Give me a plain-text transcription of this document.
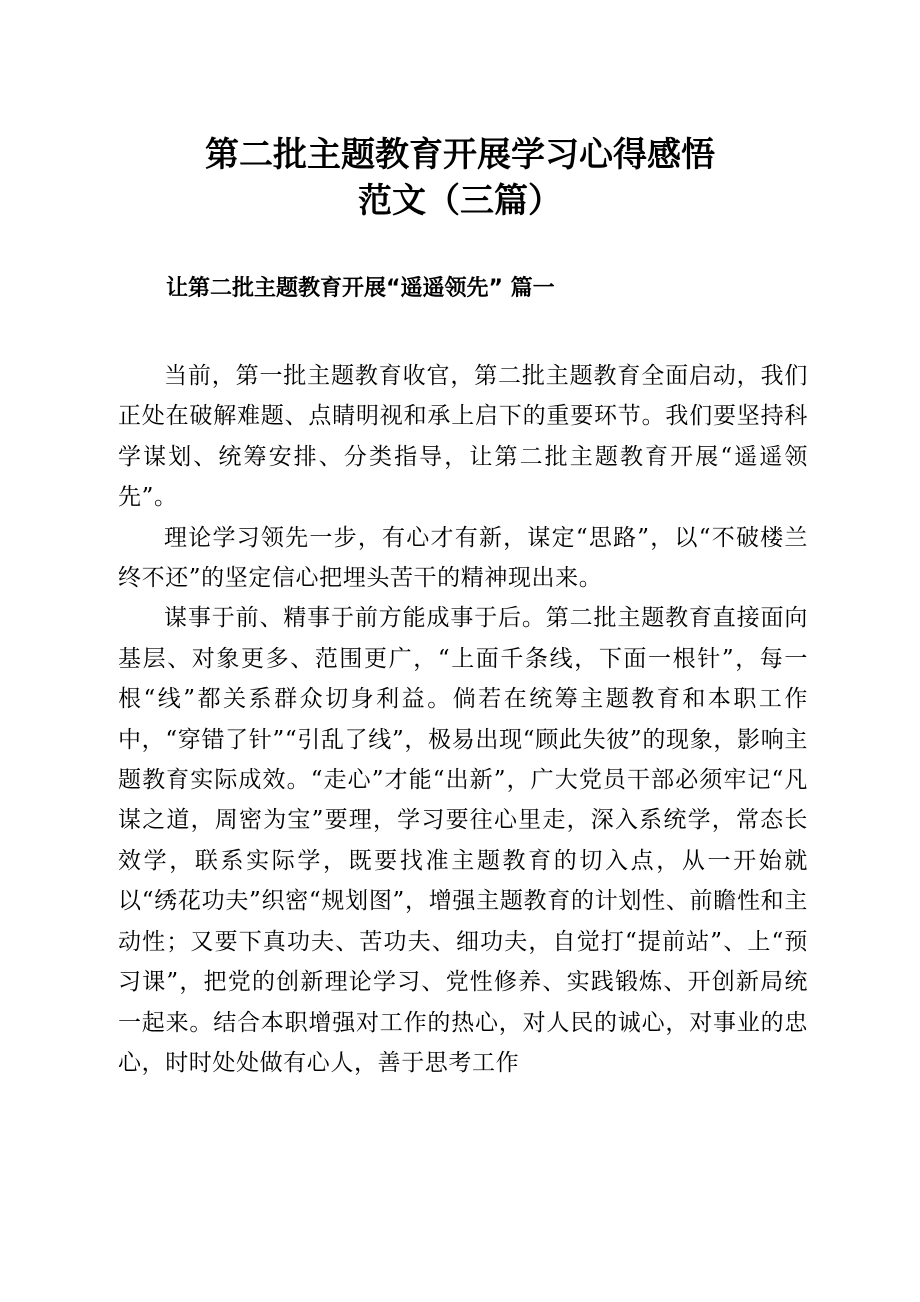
第二批主题教育开展学习心得感悟
范文（三篇）
让第二批主题教育开展“遥遥领先” 篇一

当前，第一批主题教育收官，第二批主题教育全面启动，我们正处在破解难题、点睛明视和承上启下的重要环节。我们要坚持科学谋划、统筹安排、分类指导，让第二批主题教育开展“遥遥领先”。

理论学习领先一步，有心才有新，谋定“思路”，以“不破楼兰终不还”的坚定信心把埋头苦干的精神现出来。

谋事于前、精事于前方能成事于后。第二批主题教育直接面向基层、对象更多、范围更广，“上面千条线，下面一根针”，每一根“线”都关系群众切身利益。倘若在统筹主题教育和本职工作中，“穿错了针”“引乱了线”，极易出现“顾此失彼”的现象，影响主题教育实际成效。“走心”才能“出新”，广大党员干部必须牢记“凡谋之道，周密为宝”要理，学习要往心里走，深入系统学，常态长效学，联系实际学，既要找准主题教育的切入点，从一开始就以“绣花功夫”织密“规划图”，增强主题教育的计划性、前瞻性和主动性；又要下真功夫、苦功夫、细功夫，自觉打“提前站”、上“预习课”，把党的创新理论学习、党性修养、实践锻炼、开创新局统一起来。结合本职增强对工作的热心，对人民的诚心，对事业的忠心，时时处处做有心人，善于思考工作
